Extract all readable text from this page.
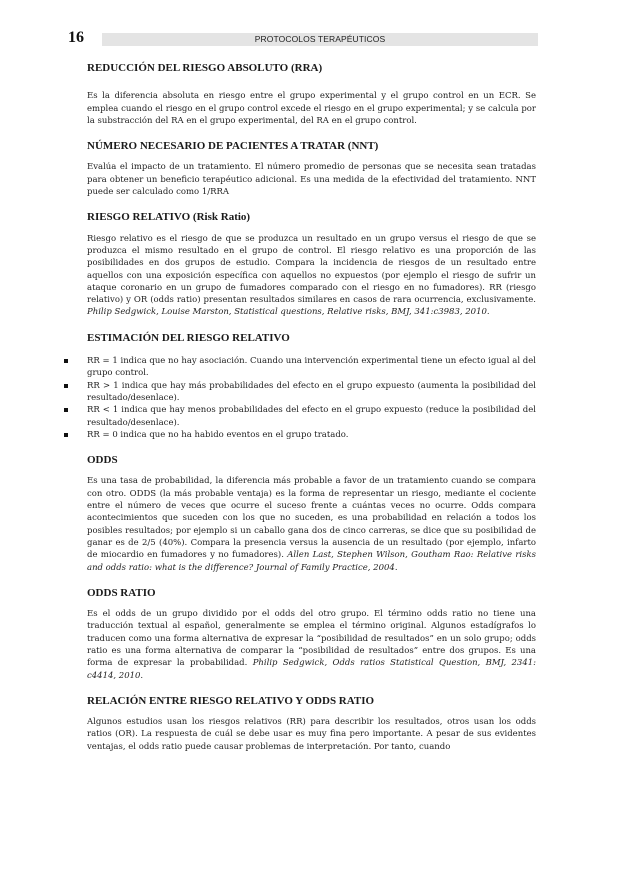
16	PROTOCOLOS TERAPÉUTICOS
REDUCCIÓN DEL RIESGO ABSOLUTO (RRA)

Es la diferencia absoluta en riesgo entre el grupo experimental y el grupo control en un ECR. Se emplea cuando el riesgo en el grupo control excede el riesgo en el grupo experimental; y se calcula por la substracción del RA en el grupo experimental, del RA en el grupo control.

NÚMERO NECESARIO DE PACIENTES A TRATAR (NNT)

Evalúa el impacto de un tratamiento. El número promedio de personas que se necesita sean tratadas para obtener un beneficio terapéutico adicional. Es una medida de la efectividad del tratamiento. NNT puede ser calculado como 1/RRA

RIESGO RELATIVO (Risk Ratio)

Riesgo relativo es el riesgo de que se produzca un resultado en un grupo versus el riesgo de que se produzca el mismo resultado en el grupo de control. El riesgo relativo es una proporción de las posibilidades en dos grupos de estudio. Compara la incidencia de riesgos de un resultado entre aquellos con una exposición específica con aquellos no expuestos (por ejemplo el riesgo de sufrir un ataque coronario en un grupo de fumadores comparado con el riesgo en no fumadores). RR (riesgo relativo) y OR (odds ratio) presentan resultados similares en casos de rara ocurrencia, exclusivamente. Philip Sedgwick, Louise Marston, Statistical questions, Relative risks, BMJ, 341:c3983, 2010.

ESTIMACIÓN DEL RIESGO RELATIVO
RR = 1 indica que no hay asociación. Cuando una intervención experimental tiene un efecto igual al del grupo control.
RR > 1 indica que hay más probabilidades del efecto en el grupo expuesto (aumenta la posibilidad del resultado/desenlace).
RR < 1 indica que hay menos probabilidades del efecto en el grupo expuesto (reduce la posibilidad del resultado/desenlace).
RR = 0 indica que no ha habido eventos en el grupo tratado.
ODDS

Es una tasa de probabilidad, la diferencia más probable a favor de un tratamiento cuando se compara con otro. ODDS (la más probable ventaja) es la forma de representar un riesgo, mediante el cociente entre el número de veces que ocurre el suceso frente a cuántas veces no ocurre. Odds compara acontecimientos que suceden con los que no suceden, es una probabilidad en relación a todos los posibles resultados; por ejemplo si un caballo gana dos de cinco carreras, se dice que su posibilidad de ganar es de 2/5 (40%). Compara la presencia versus la ausencia de un resultado (por ejemplo, infarto de miocardio en fumadores y no fumadores). Allen Last, Stephen Wilson, Goutham Rao: Relative risks and odds ratio: what is the difference? Journal of Family Practice, 2004.

ODDS RATIO

Es el odds de un grupo dividido por el odds del otro grupo. El término odds ratio no tiene una traducción textual al español, generalmente se emplea el término original. Algunos estadígrafos lo traducen como una forma alternativa de expresar la “posibilidad de resultados” en un solo grupo; odds ratio es una forma alternativa de comparar la “posibilidad de resultados” entre dos grupos. Es una forma de expresar la probabilidad. Philip Sedgwick, Odds ratios Statistical Question, BMJ, 2341: c4414, 2010.

RELACIÓN ENTRE RIESGO RELATIVO Y ODDS RATIO

Algunos estudios usan los riesgos relativos (RR) para describir los resultados, otros usan los odds ratios (OR). La respuesta de cuál se debe usar es muy fina pero importante. A pesar de sus evidentes ventajas, el odds ratio puede causar problemas de interpretación. Por tanto, cuando
